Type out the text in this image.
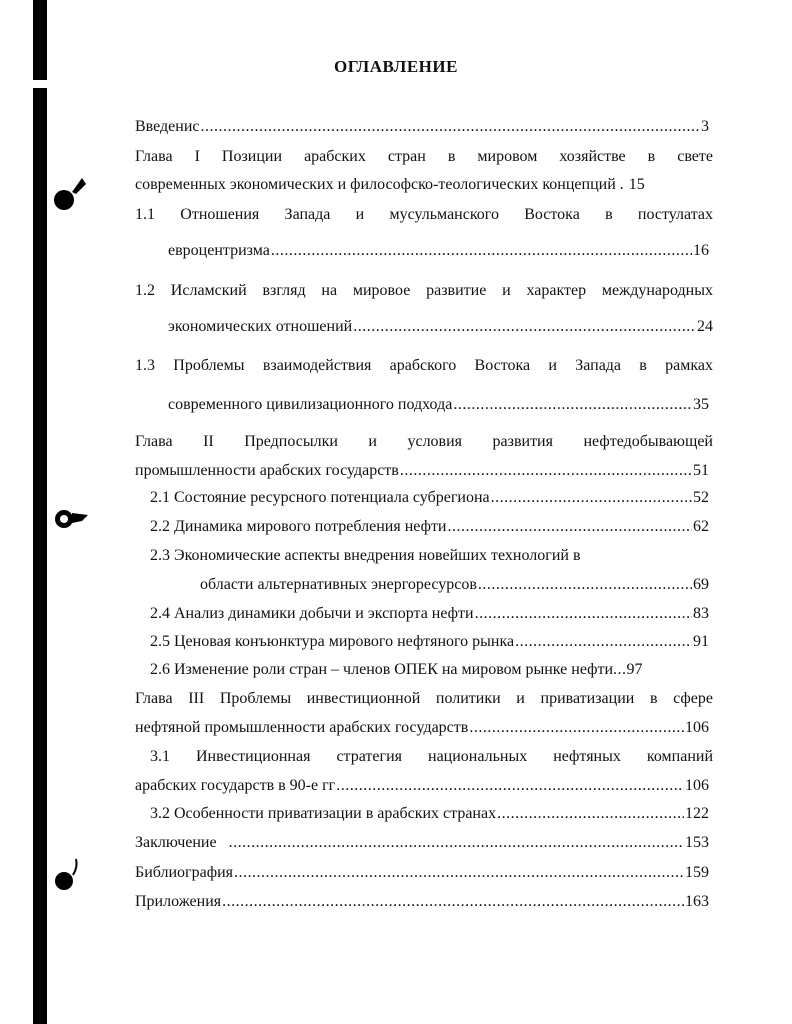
ОГЛАВЛЕНИЕ
Введенис .....	3
Глава I Позиции арабских стран в мировом хозяйстве в свете
современных экономических и философско-теологических концепций . 15
1.1 Отношения Запада и мусульманского Востока в постулатах
евроцентризма .....	16
1.2 Исламский взгляд на мировое развитие и характер международных
экономических отношений .....	24
1.3 Проблемы взаимодействия арабского Востока и Запада в рамках
современного цивилизационного подхода .....	35
Глава II Предпосылки и условия развития нефтедобывающей
промышленности арабских государств .....	51
2.1 Состояние ресурсного потенциала субрегиона .....	52
2.2 Динамика мирового потребления нефти .....	62
2.3 Экономические аспекты внедрения новейших технологий в
области альтернативных энергоресурсов .....	69
2.4 Анализ динамики добычи и экспорта нефти .....	83
2.5 Ценовая конъюнктура мирового нефтяного рынка .....	91
2.6 Изменение роли стран – членов ОПЕК на мировом рынке нефти ... 97
Глава III Проблемы инвестиционной политики и приватизации в сфере
нефтяной промышленности арабских государств .....	106
3.1 Инвестиционная стратегия национальных нефтяных компаний
арабских государств в 90-е гг .....	106
3.2 Особенности приватизации в арабских странах .....	122
Заключение .....	153
Библиография .....	159
Приложения .....	163
